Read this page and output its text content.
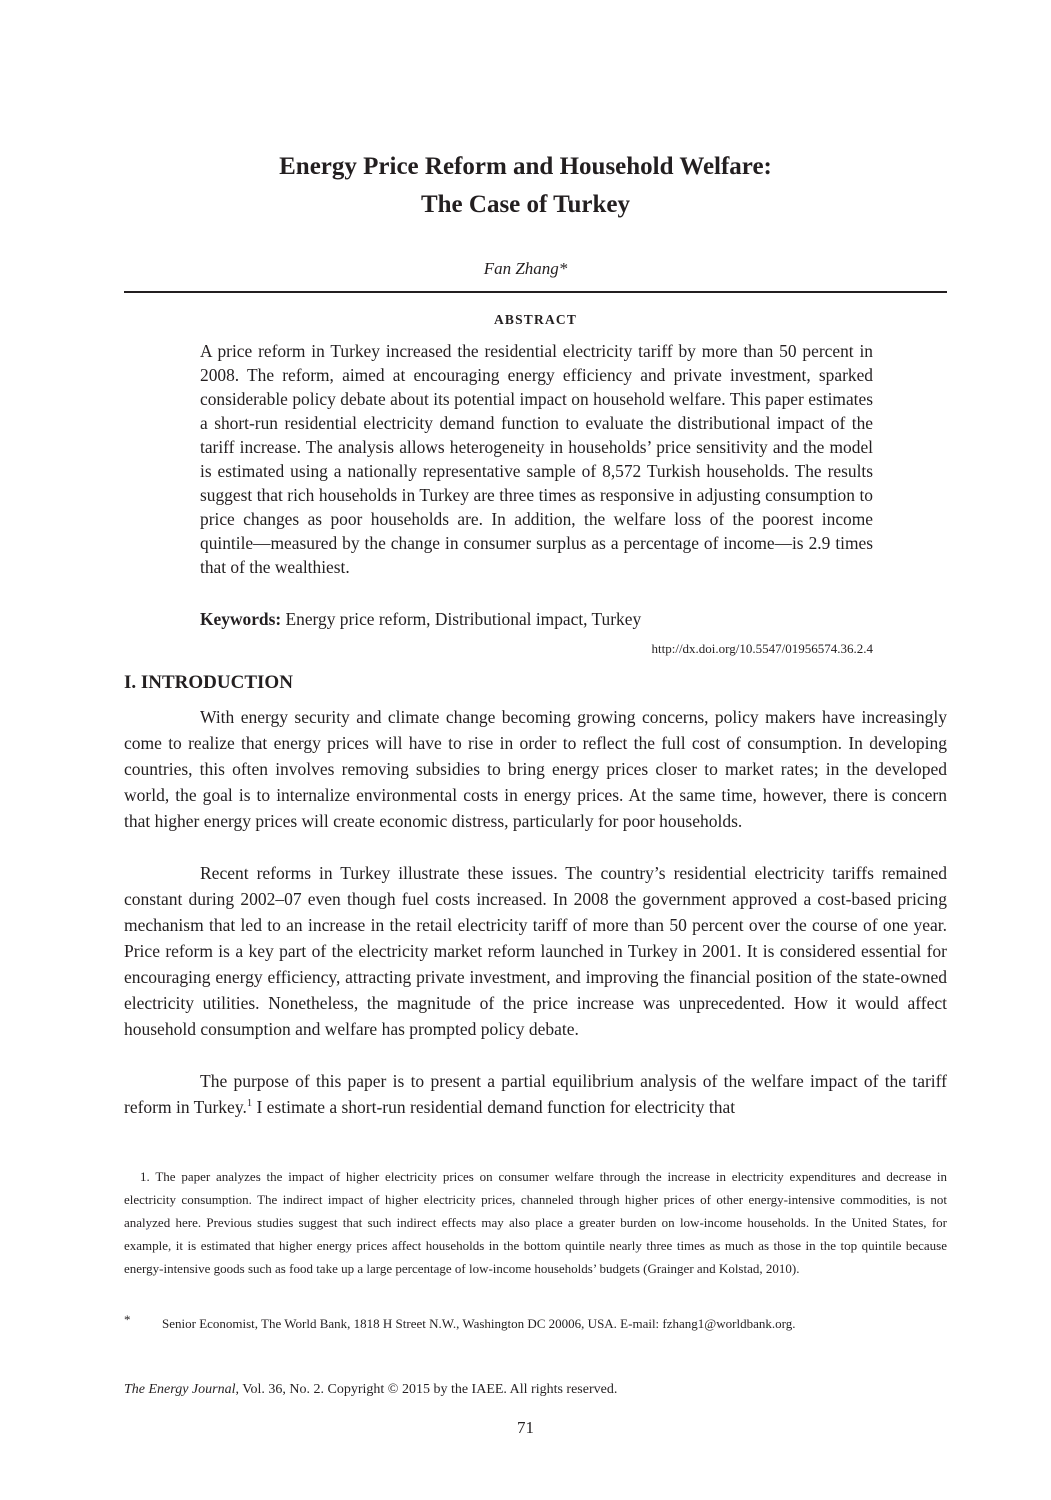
Energy Price Reform and Household Welfare:
The Case of Turkey
Fan Zhang*
ABSTRACT

A price reform in Turkey increased the residential electricity tariff by more than 50 percent in 2008. The reform, aimed at encouraging energy efficiency and private investment, sparked considerable policy debate about its potential impact on household welfare. This paper estimates a short-run residential electricity demand function to evaluate the distributional impact of the tariff increase. The analysis allows heterogeneity in households’ price sensitivity and the model is estimated using a nationally representative sample of 8,572 Turkish households. The results suggest that rich households in Turkey are three times as responsive in adjusting consumption to price changes as poor households are. In addition, the welfare loss of the poorest income quintile—measured by the change in consumer surplus as a percentage of income—is 2.9 times that of the wealthiest.

Keywords: Energy price reform, Distributional impact, Turkey
http://dx.doi.org/10.5547/01956574.36.2.4
I. INTRODUCTION

With energy security and climate change becoming growing concerns, policy makers have increasingly come to realize that energy prices will have to rise in order to reflect the full cost of consumption. In developing countries, this often involves removing subsidies to bring energy prices closer to market rates; in the developed world, the goal is to internalize environmental costs in energy prices. At the same time, however, there is concern that higher energy prices will create economic distress, particularly for poor households.

Recent reforms in Turkey illustrate these issues. The country’s residential electricity tariffs remained constant during 2002–07 even though fuel costs increased. In 2008 the government approved a cost-based pricing mechanism that led to an increase in the retail electricity tariff of more than 50 percent over the course of one year. Price reform is a key part of the electricity market reform launched in Turkey in 2001. It is considered essential for encouraging energy efficiency, attracting private investment, and improving the financial position of the state-owned electricity utilities. Nonetheless, the magnitude of the price increase was unprecedented. How it would affect household consumption and welfare has prompted policy debate.

The purpose of this paper is to present a partial equilibrium analysis of the welfare impact of the tariff reform in Turkey.$^1$ I estimate a short-run residential demand function for electricity that

1. The paper analyzes the impact of higher electricity prices on consumer welfare through the increase in electricity expenditures and decrease in electricity consumption. The indirect impact of higher electricity prices, channeled through higher prices of other energy-intensive commodities, is not analyzed here. Previous studies suggest that such indirect effects may also place a greater burden on low-income households. In the United States, for example, it is estimated that higher energy prices affect households in the bottom quintile nearly three times as much as those in the top quintile because energy-intensive goods such as food take up a large percentage of low-income households’ budgets (Grainger and Kolstad, 2010).

* Senior Economist, The World Bank, 1818 H Street N.W., Washington DC 20006, USA. E-mail: fzhang1@worldbank.org.

The Energy Journal, Vol. 36, No. 2. Copyright © 2015 by the IAEE. All rights reserved.
71
